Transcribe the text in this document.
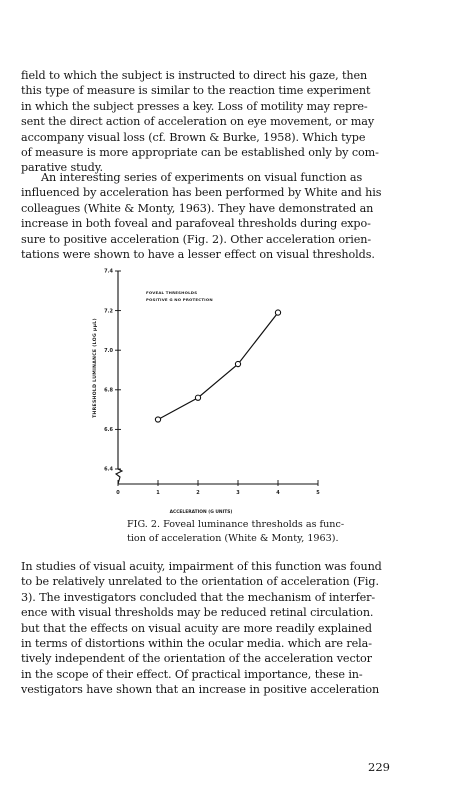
field to which the subject is instructed to direct his gaze, then
this type of measure is similar to the reaction time experiment
in which the subject presses a key. Loss of motility may repre-
sent the direct action of acceleration on eye movement, or may
accompany visual loss (cf. Brown & Burke, 1958). Which type
of measure is more appropriate can be established only by com-
parative study.

An interesting series of experiments on visual function as
influenced by acceleration has been performed by White and his
colleagues (White & Monty, 1963). They have demonstrated an
increase in both foveal and parafoveal thresholds during expo-
sure to positive acceleration (Fig. 2). Other acceleration orien-
tations were shown to have a lesser effect on visual thresholds.

6.4
6.6
6.8
7.0
7.2
7.4
0	1	2	3	4	5
THRESHOLD LUMINANCE (LOG μμL)
ACCELERATION (G UNITS)
FOVEAL THRESHOLDS
POSITIVE G NO PROTECTION

FIG. 2. Foveal luminance thresholds as func-
tion of acceleration (White & Monty, 1963).

In studies of visual acuity, impairment of this function was found
to be relatively unrelated to the orientation of acceleration (Fig.
3). The investigators concluded that the mechanism of interfer-
ence with visual thresholds may be reduced retinal circulation.
but that the effects on visual acuity are more readily explained
in terms of distortions within the ocular media. which are rela-
tively independent of the orientation of the acceleration vector
in the scope of their effect. Of practical importance, these in-
vestigators have shown that an increase in positive acceleration

229
